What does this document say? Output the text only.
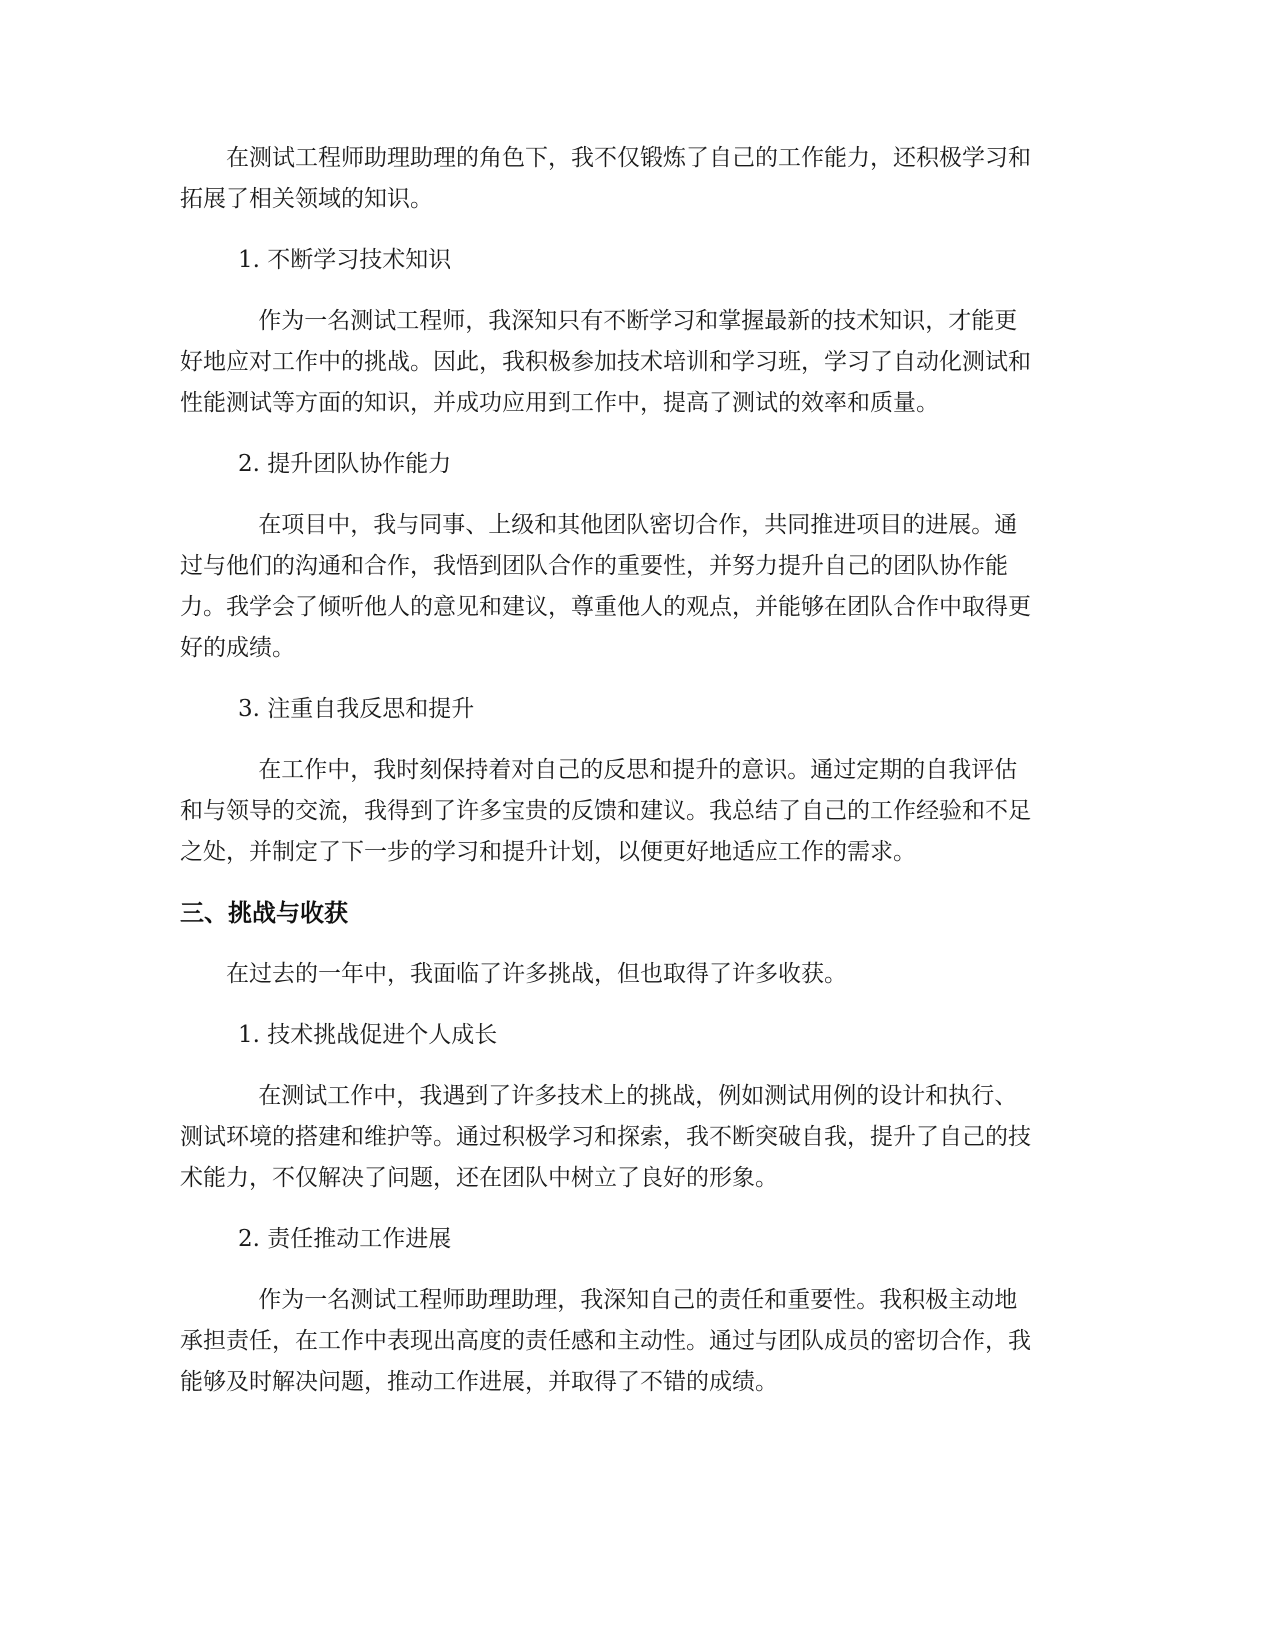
在测试工程师助理助理的角色下，我不仅锻炼了自己的工作能力，还积极学习和拓展了相关领域的知识。

1. 不断学习技术知识

作为一名测试工程师，我深知只有不断学习和掌握最新的技术知识，才能更好地应对工作中的挑战。因此，我积极参加技术培训和学习班，学习了自动化测试和性能测试等方面的知识，并成功应用到工作中，提高了测试的效率和质量。

2. 提升团队协作能力

在项目中，我与同事、上级和其他团队密切合作，共同推进项目的进展。通过与他们的沟通和合作，我悟到团队合作的重要性，并努力提升自己的团队协作能力。我学会了倾听他人的意见和建议，尊重他人的观点，并能够在团队合作中取得更好的成绩。

3. 注重自我反思和提升

在工作中，我时刻保持着对自己的反思和提升的意识。通过定期的自我评估和与领导的交流，我得到了许多宝贵的反馈和建议。我总结了自己的工作经验和不足之处，并制定了下一步的学习和提升计划，以便更好地适应工作的需求。

三、挑战与收获

在过去的一年中，我面临了许多挑战，但也取得了许多收获。

1. 技术挑战促进个人成长

在测试工作中，我遇到了许多技术上的挑战，例如测试用例的设计和执行、测试环境的搭建和维护等。通过积极学习和探索，我不断突破自我，提升了自己的技术能力，不仅解决了问题，还在团队中树立了良好的形象。

2. 责任推动工作进展

作为一名测试工程师助理助理，我深知自己的责任和重要性。我积极主动地承担责任，在工作中表现出高度的责任感和主动性。通过与团队成员的密切合作，我能够及时解决问题，推动工作进展，并取得了不错的成绩。
